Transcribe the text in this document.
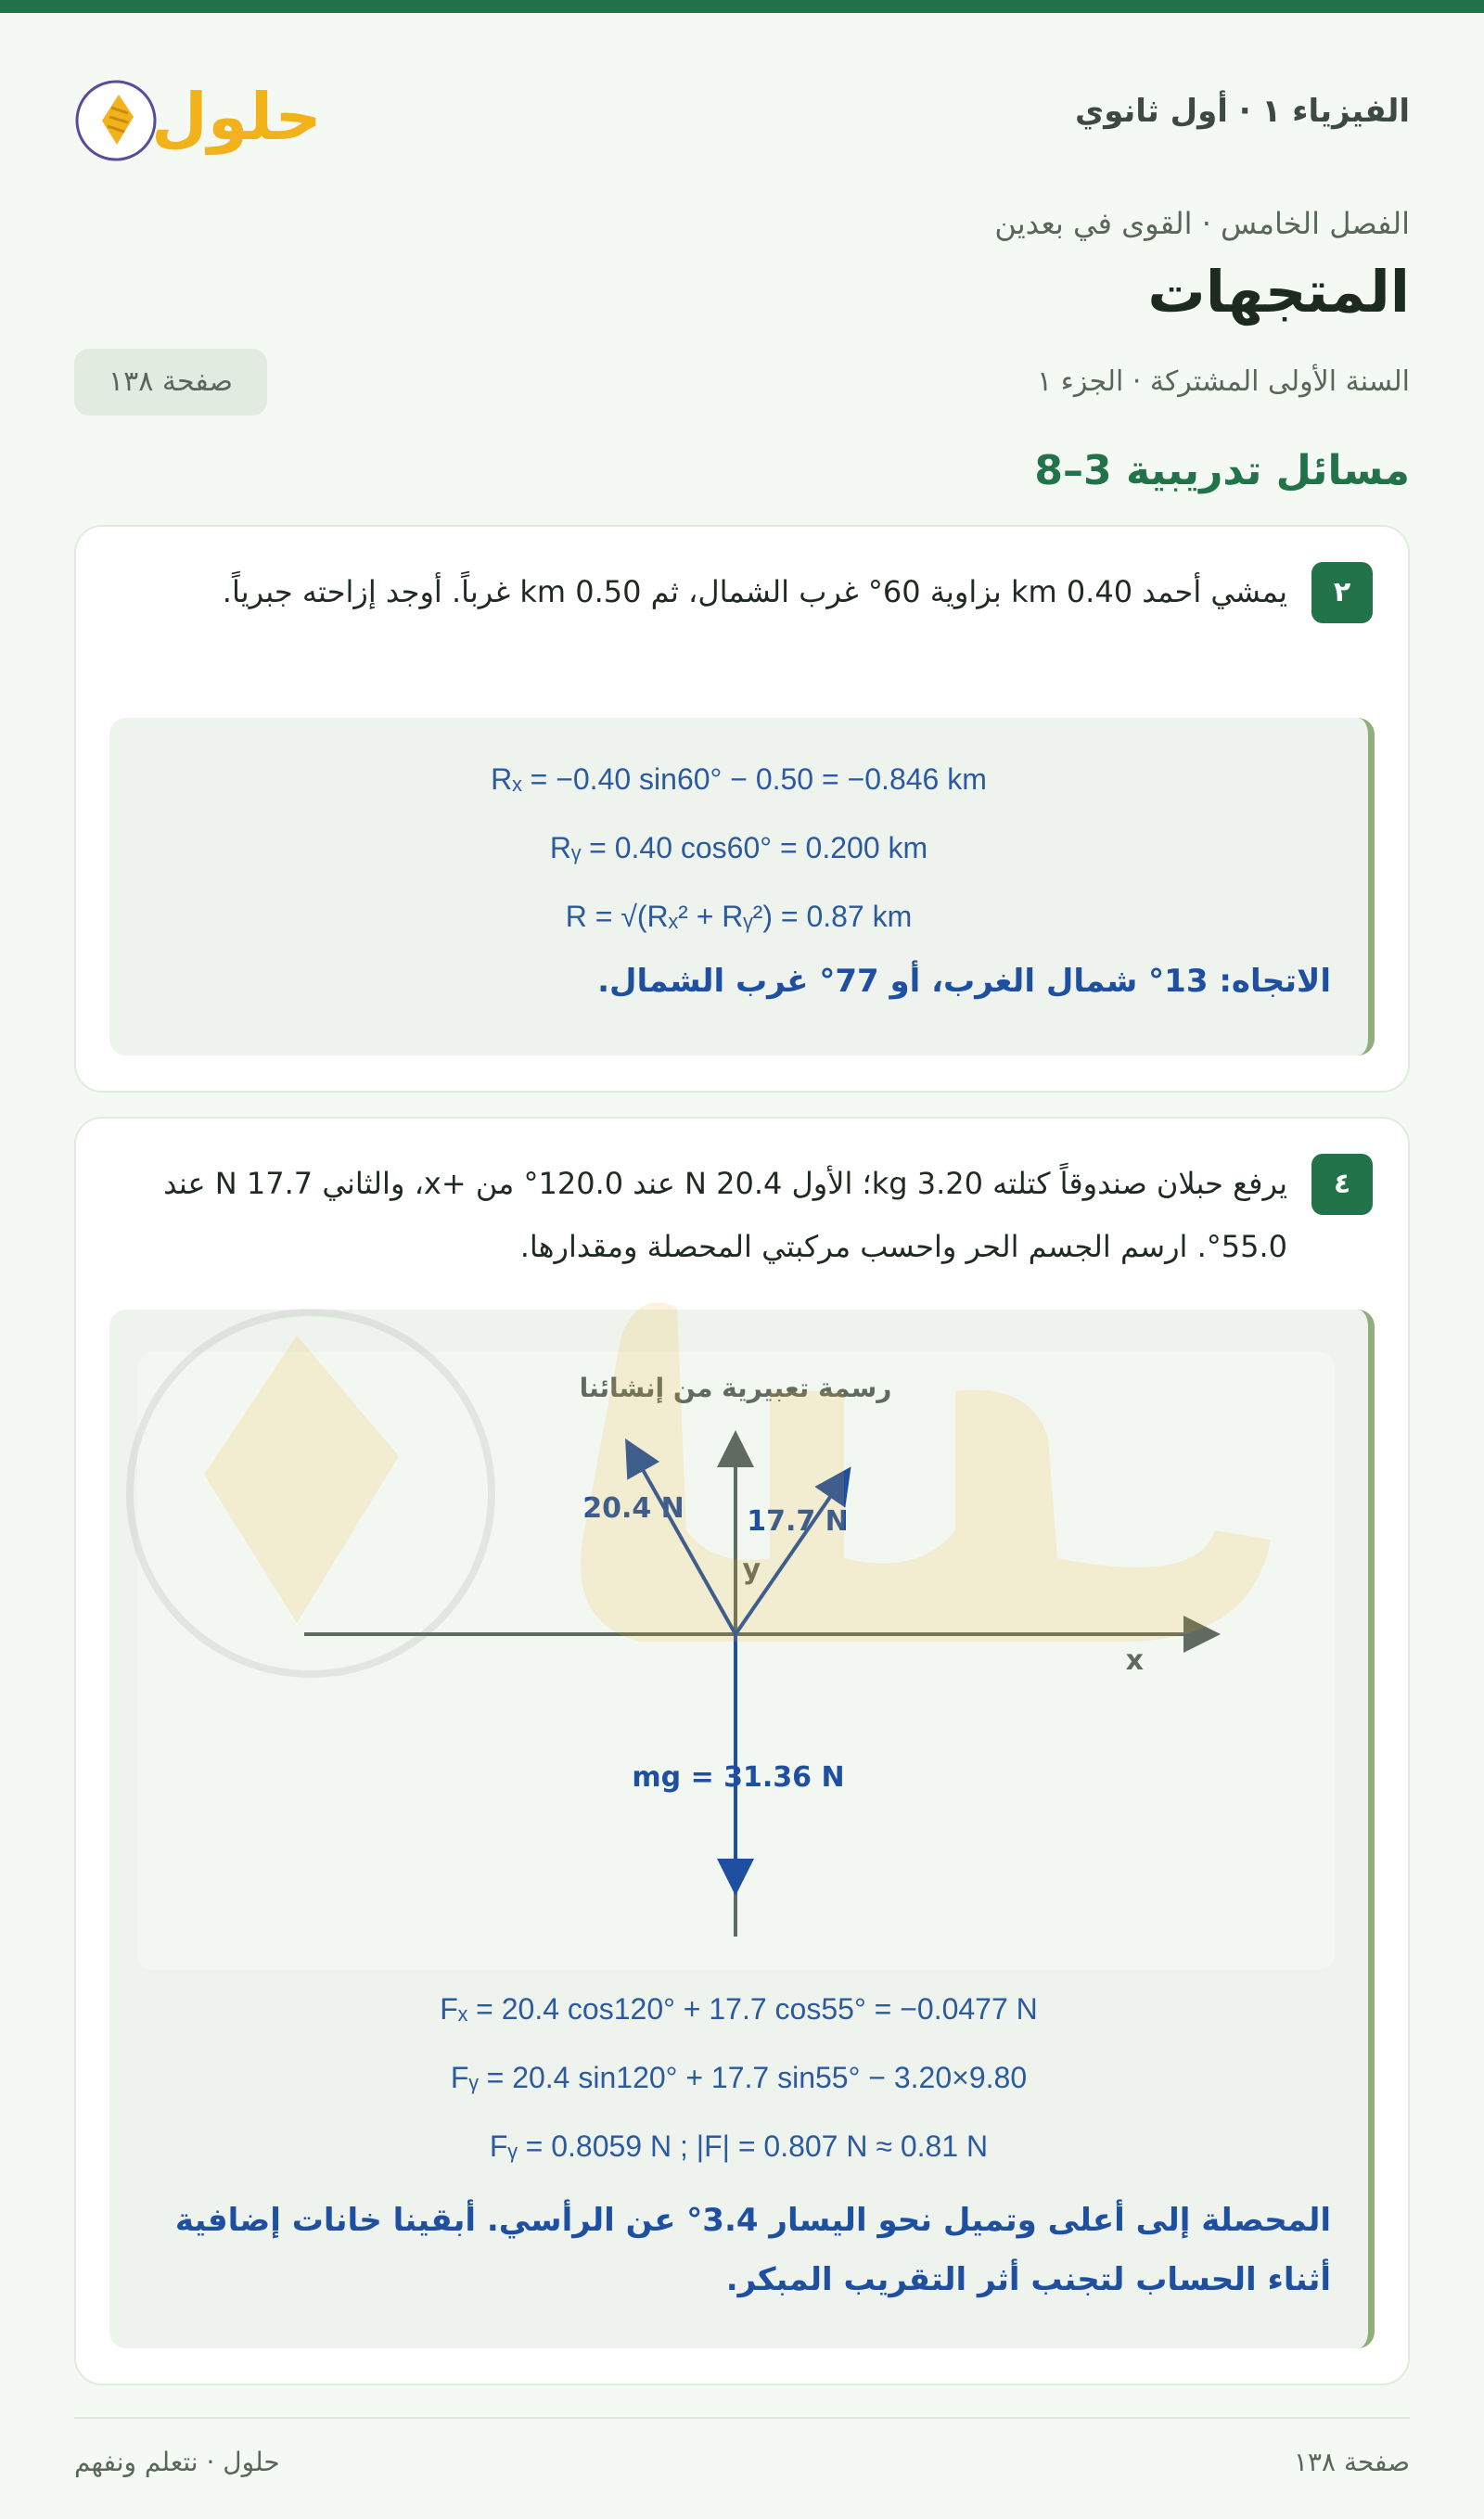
الفيزياء ١ · أول ثانوي
حلول
الفصل الخامس · القوى في بعدين
المتجهات
السنة الأولى المشتركة · الجزء ١
صفحة ١٣٨
مسائل تدريبية 3–8
٢
يمشي أحمد 0.40 km بزاوية 60° غرب الشمال، ثم 0.50 km غرباً. أوجد إزاحته جبرياً.
Rₓ = −0.40 sin60° − 0.50 = −0.846 km
Rᵧ = 0.40 cos60° = 0.200 km
R = √(Rₓ² + Rᵧ²) = 0.87 km
الاتجاه: 13° شمال الغرب، أو 77° غرب الشمال.
٤
يرفع حبلان صندوقاً كتلته 3.20 kg؛ الأول 20.4 N عند 120.0° من +x، والثاني 17.7 N عند 55.0°. ارسم الجسم الحر واحسب مركبتي المحصلة ومقدارها.
رسمة تعبيرية من إنشائنا
x
y
20.4 N 17.7 N
mg = 31.36 N
Fₓ = 20.4 cos120° + 17.7 cos55° = −0.0477 N
Fᵧ = 20.4 sin120° + 17.7 sin55° − 3.20×9.80
Fᵧ = 0.8059 N ; |F| = 0.807 N ≈ 0.81 N
المحصلة إلى أعلى وتميل نحو اليسار 3.4° عن الرأسي. أبقينا خانات إضافية أثناء الحساب لتجنب أثر التقريب المبكر.
صفحة ١٣٨
حلول · نتعلم ونفهم
